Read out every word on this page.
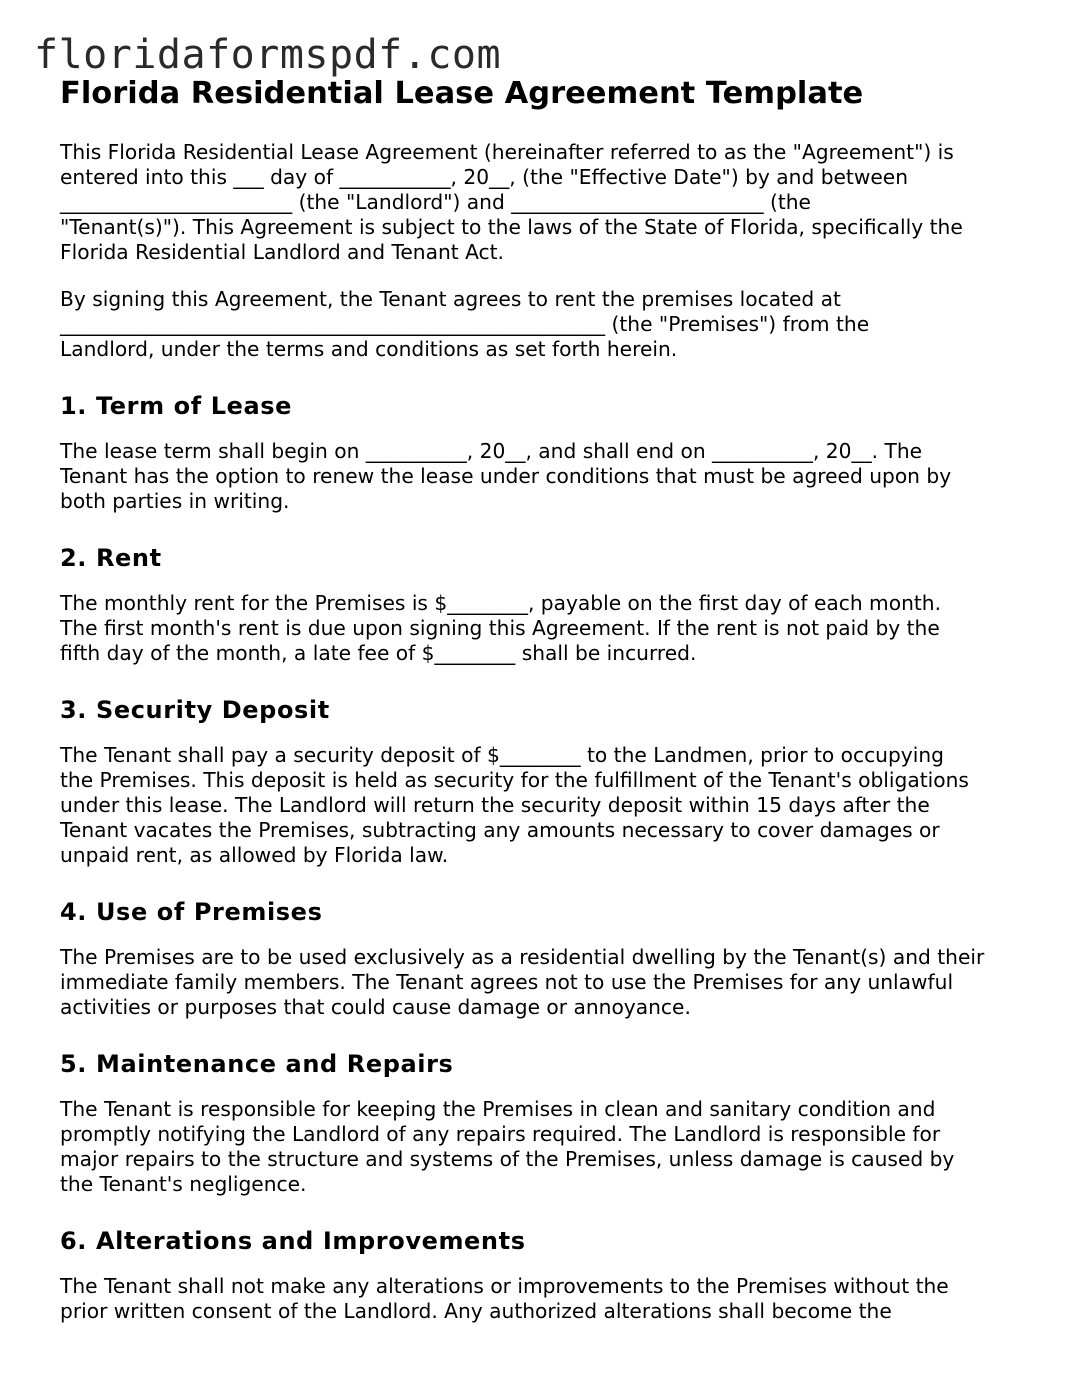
floridaformspdf.com
Florida Residential Lease Agreement Template

This Florida Residential Lease Agreement (hereinafter referred to as the "Agreement") is
entered into this ___ day of ___________, 20__, (the "Effective Date") by and between
_______________________ (the "Landlord") and _________________________ (the
"Tenant(s)"). This Agreement is subject to the laws of the State of Florida, specifically the
Florida Residential Landlord and Tenant Act.

By signing this Agreement, the Tenant agrees to rent the premises located at
______________________________________________________ (the "Premises") from the
Landlord, under the terms and conditions as set forth herein.

1. Term of Lease

The lease term shall begin on __________, 20__, and shall end on __________, 20__. The
Tenant has the option to renew the lease under conditions that must be agreed upon by
both parties in writing.

2. Rent

The monthly rent for the Premises is $________, payable on the first day of each month.
The first month's rent is due upon signing this Agreement. If the rent is not paid by the
fifth day of the month, a late fee of $________ shall be incurred.

3. Security Deposit

The Tenant shall pay a security deposit of $________ to the Landmen, prior to occupying
the Premises. This deposit is held as security for the fulfillment of the Tenant's obligations
under this lease. The Landlord will return the security deposit within 15 days after the
Tenant vacates the Premises, subtracting any amounts necessary to cover damages or
unpaid rent, as allowed by Florida law.

4. Use of Premises

The Premises are to be used exclusively as a residential dwelling by the Tenant(s) and their
immediate family members. The Tenant agrees not to use the Premises for any unlawful
activities or purposes that could cause damage or annoyance.

5. Maintenance and Repairs

The Tenant is responsible for keeping the Premises in clean and sanitary condition and
promptly notifying the Landlord of any repairs required. The Landlord is responsible for
major repairs to the structure and systems of the Premises, unless damage is caused by
the Tenant's negligence.

6. Alterations and Improvements

The Tenant shall not make any alterations or improvements to the Premises without the
prior written consent of the Landlord. Any authorized alterations shall become the
